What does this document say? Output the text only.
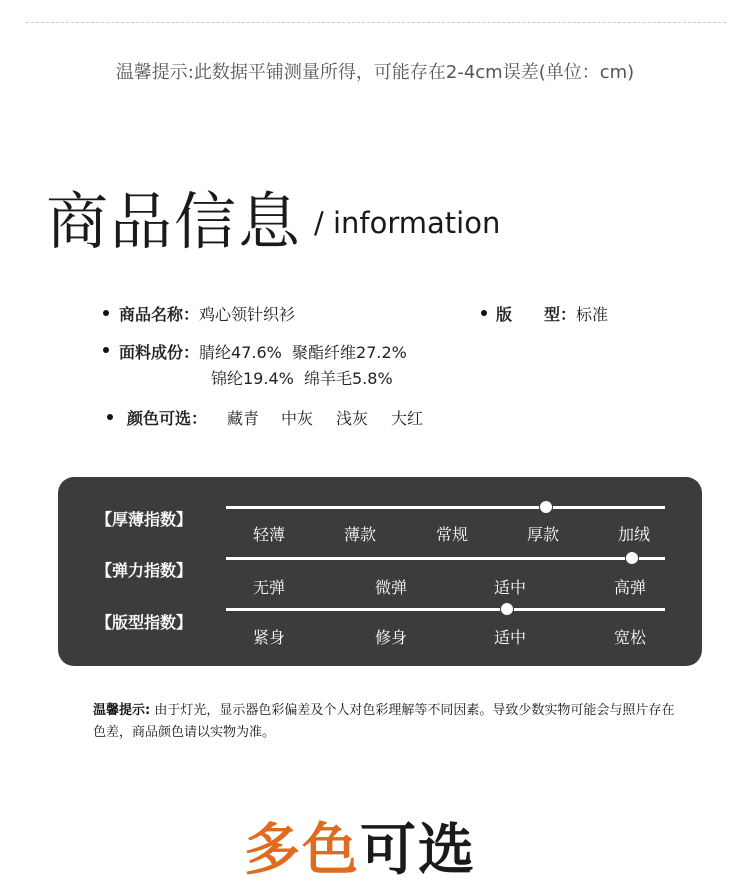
温馨提示:此数据平铺测量所得，可能存在2-4cm误差(单位：cm)
商品信息 / information
商品名称：鸡心领针织衫	版　　型：标准
面料成份：腈纶47.6%  聚酯纤维27.2%
锦纶19.4%  绵羊毛5.8%
颜色可选： 藏青 中灰 浅灰 大红
【厚薄指数】
轻薄	薄款	常规	厚款	加绒
【弹力指数】
无弹	微弹	适中	高弹
【版型指数】
紧身	修身	适中	宽松
温馨提示: 由于灯光，显示器色彩偏差及个人对色彩理解等不同因素。导致少数实物可能会与照片存在色差，商品颜色请以实物为准。
多色可选
